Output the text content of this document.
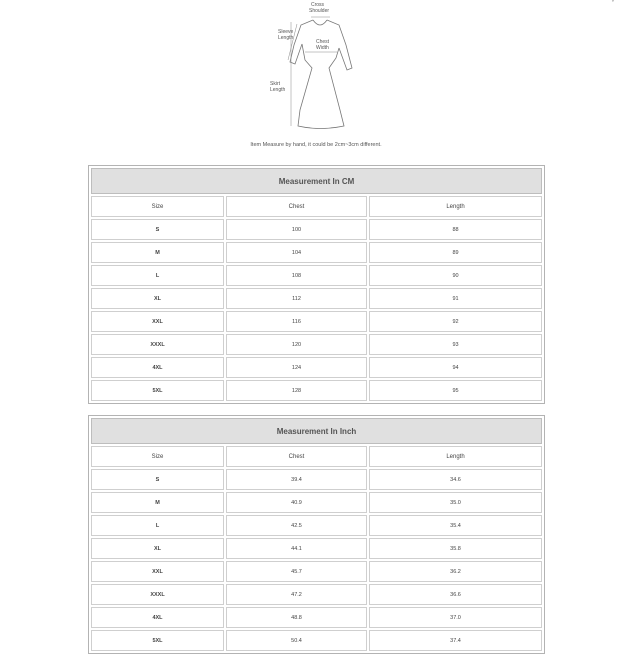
Cross
Shoulder
Sleeve
Length
Chest
Width
Skirt
Length
°
Item Measure by hand, it could be 2cm~3cm different.
Measurement In CM
Size	Chest	Length
S	100	88
M	104	89
L	108	90
XL	112	91
XXL	116	92
XXXL	120	93
4XL	124	94
5XL	128	95
Measurement In Inch
Size	Chest	Length
S	39.4	34.6
M	40.9	35.0
L	42.5	35.4
XL	44.1	35.8
XXL	45.7	36.2
XXXL	47.2	36.6
4XL	48.8	37.0
5XL	50.4	37.4
